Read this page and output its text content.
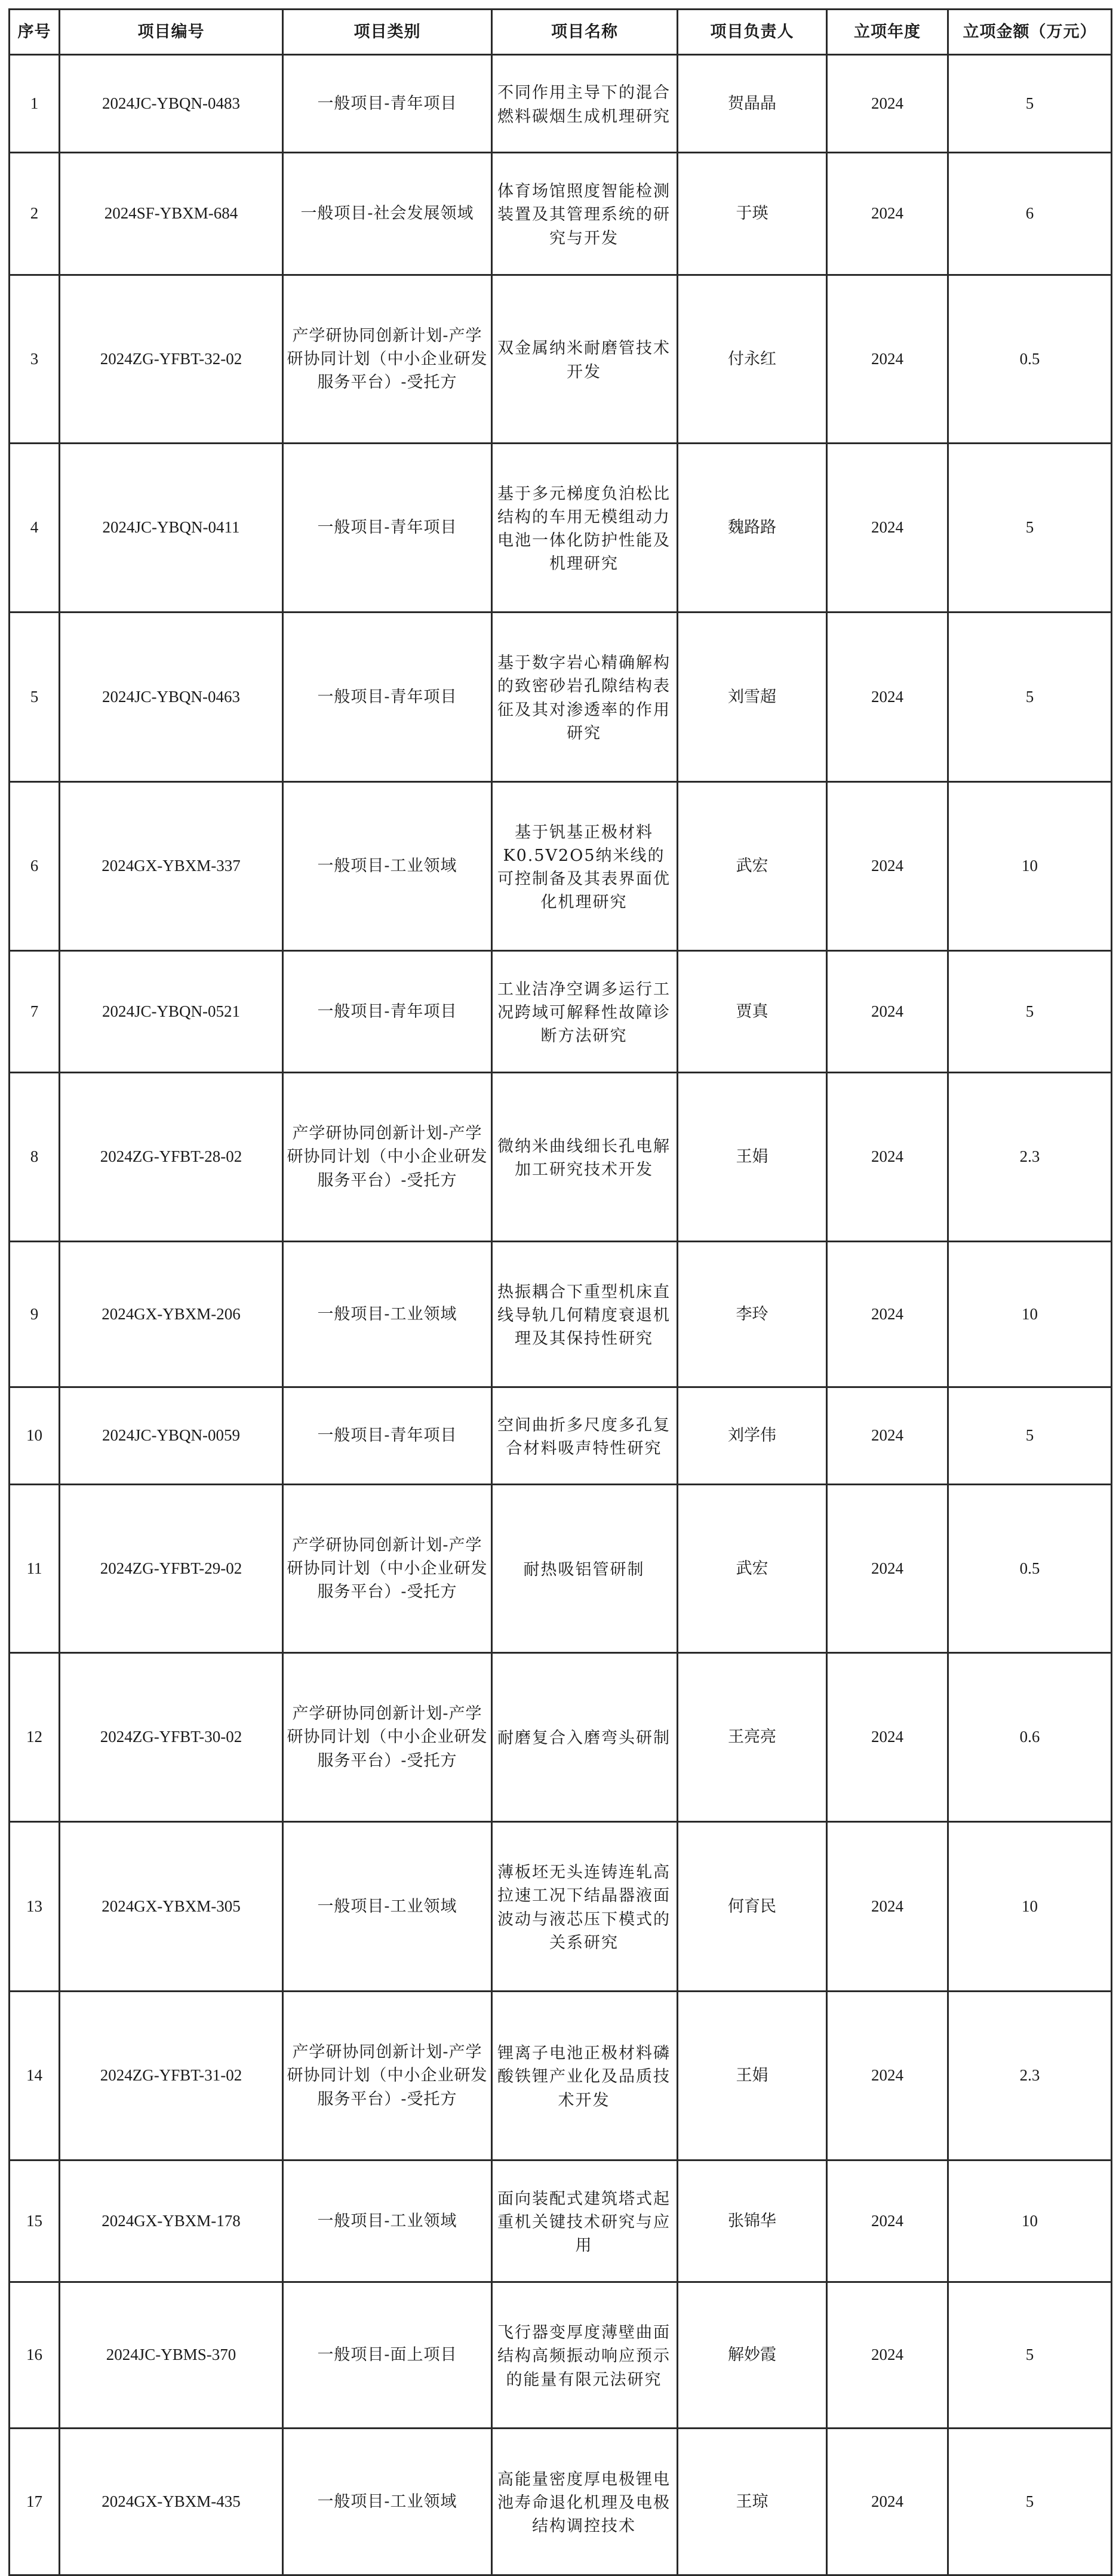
序号	项目编号	项目类别	项目名称	项目负责人	立项年度	立项金额（万元）
1	2024JC-YBQN-0483	一般项目-青年项目	不同作用主导下的混合燃料碳烟生成机理研究	贺晶晶	2024	5
2	2024SF-YBXM-684	一般项目-社会发展领域	体育场馆照度智能检测装置及其管理系统的研究与开发	于瑛	2024	6
3	2024ZG-YFBT-32-02	产学研协同创新计划-产学研协同计划（中小企业研发服务平台）-受托方	双金属纳米耐磨管技术开发	付永红	2024	0.5
4	2024JC-YBQN-0411	一般项目-青年项目	基于多元梯度负泊松比结构的车用无模组动力电池一体化防护性能及机理研究	魏路路	2024	5
5	2024JC-YBQN-0463	一般项目-青年项目	基于数字岩心精确解构的致密砂岩孔隙结构表征及其对渗透率的作用研究	刘雪超	2024	5
6	2024GX-YBXM-337	一般项目-工业领域	基于钒基正极材料K0.5V2O5纳米线的可控制备及其表界面优化机理研究	武宏	2024	10
7	2024JC-YBQN-0521	一般项目-青年项目	工业洁净空调多运行工况跨域可解释性故障诊断方法研究	贾真	2024	5
8	2024ZG-YFBT-28-02	产学研协同创新计划-产学研协同计划（中小企业研发服务平台）-受托方	微纳米曲线细长孔电解加工研究技术开发	王娟	2024	2.3
9	2024GX-YBXM-206	一般项目-工业领域	热振耦合下重型机床直线导轨几何精度衰退机理及其保持性研究	李玲	2024	10
10	2024JC-YBQN-0059	一般项目-青年项目	空间曲折多尺度多孔复合材料吸声特性研究	刘学伟	2024	5
11	2024ZG-YFBT-29-02	产学研协同创新计划-产学研协同计划（中小企业研发服务平台）-受托方	耐热吸铝管研制	武宏	2024	0.5
12	2024ZG-YFBT-30-02	产学研协同创新计划-产学研协同计划（中小企业研发服务平台）-受托方	耐磨复合入磨弯头研制	王亮亮	2024	0.6
13	2024GX-YBXM-305	一般项目-工业领域	薄板坯无头连铸连轧高拉速工况下结晶器液面波动与液芯压下模式的关系研究	何育民	2024	10
14	2024ZG-YFBT-31-02	产学研协同创新计划-产学研协同计划（中小企业研发服务平台）-受托方	锂离子电池正极材料磷酸铁锂产业化及品质技术开发	王娟	2024	2.3
15	2024GX-YBXM-178	一般项目-工业领域	面向装配式建筑塔式起重机关键技术研究与应用	张锦华	2024	10
16	2024JC-YBMS-370	一般项目-面上项目	飞行器变厚度薄壁曲面结构高频振动响应预示的能量有限元法研究	解妙霞	2024	5
17	2024GX-YBXM-435	一般项目-工业领域	高能量密度厚电极锂电池寿命退化机理及电极结构调控技术	王琼	2024	5
